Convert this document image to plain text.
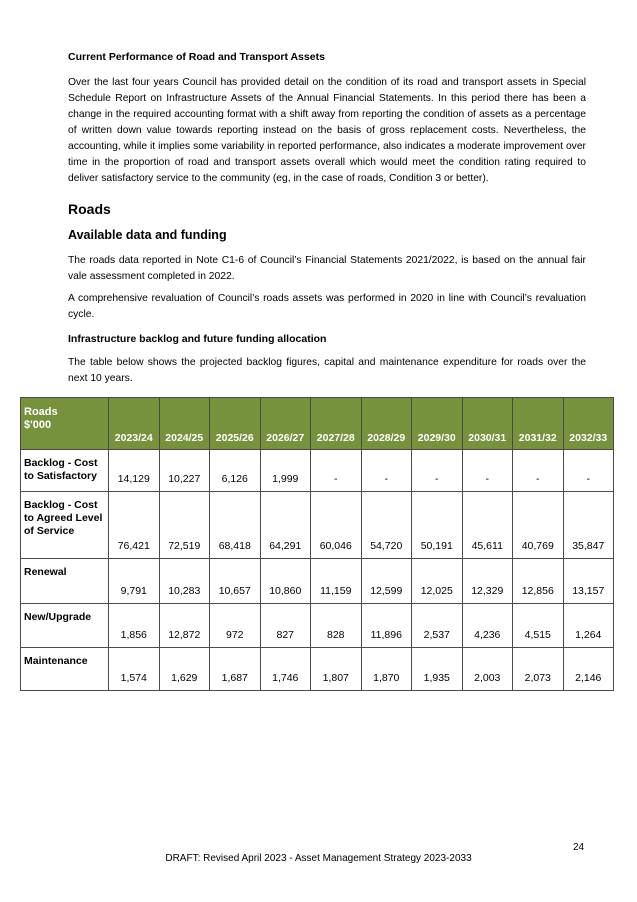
Current Performance of Road and Transport Assets

Over the last four years Council has provided detail on the condition of its road and transport assets in Special Schedule Report on Infrastructure Assets of the Annual Financial Statements. In this period there has been a change in the required accounting format with a shift away from reporting the condition of assets as a percentage of written down value towards reporting instead on the basis of gross replacement costs. Nevertheless, the accounting, while it implies some variability in reported performance, also indicates a moderate improvement over time in the proportion of road and transport assets overall which would meet the condition rating required to deliver satisfactory service to the community (eg, in the case of roads, Condition 3 or better).

Roads
Available data and funding

The roads data reported in Note C1-6 of Council’s Financial Statements 2021/2022, is based on the annual fair vale assessment completed in 2022.

A comprehensive revaluation of Council’s roads assets was performed in 2020 in line with Council’s revaluation cycle.

Infrastructure backlog and future funding allocation

The table below shows the projected backlog figures, capital and maintenance expenditure for roads over the next 10 years.

Roads
$'000	2023/24	2024/25	2025/26	2026/27	2027/28	2028/29	2029/30	2030/31	2031/32	2032/33
Backlog - Cost to Satisfactory	14,129	10,227	6,126	1,999	-	-	-	-	-	-
Backlog - Cost to Agreed Level of Service	76,421	72,519	68,418	64,291	60,046	54,720	50,191	45,611	40,769	35,847
Renewal	9,791	10,283	10,657	10,860	11,159	12,599	12,025	12,329	12,856	13,157
New/Upgrade	1,856	12,872	972	827	828	11,896	2,537	4,236	4,515	1,264
Maintenance	1,574	1,629	1,687	1,746	1,807	1,870	1,935	2,003	2,073	2,146
24
DRAFT: Revised April 2023 - Asset Management Strategy 2023-2033
